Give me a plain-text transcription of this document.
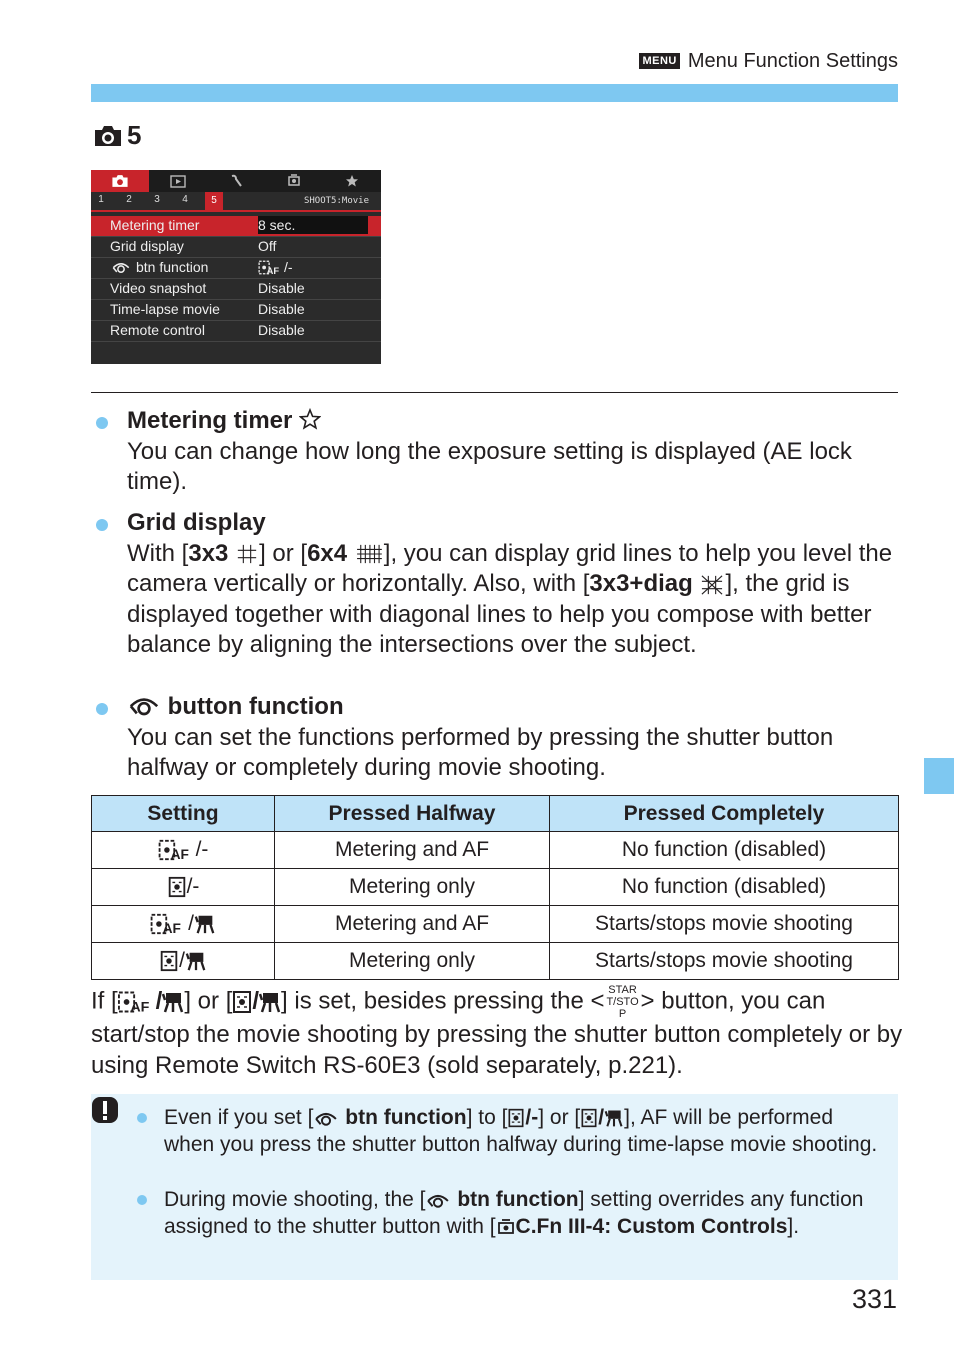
MENU Menu Function Settings
5
1	2	3	4	5	SHOOT5:Movie
Metering timer	8 sec.
Grid display	Off
btn function	/-
Video snapshot	Disable
Time-lapse movie	Disable
Remote control	Disable
Metering timer
You can change how long the exposure setting is displayed (AE lock time).
Grid display
With [3x3 ] or [6x4 ], you can display grid lines to help you level the camera vertically or horizontally. Also, with [3x3+diag ], the grid is displayed together with diagonal lines to help you compose with better balance by aligning the intersections over the subject.
button function
You can set the functions performed by pressing the shutter button halfway or completely during movie shooting.
Setting	Pressed Halfway	Pressed Completely
/-	Metering and AF	No function (disabled)
/-	Metering only	No function (disabled)
/	Metering and AF	Starts/stops movie shooting
/	Metering only	Starts/stops movie shooting
If [ / ] or [ / ] is set, besides pressing the < START/STOP > button, you can start/stop the movie shooting by pressing the shutter button completely or by using Remote Switch RS-60E3 (sold separately, p.221).
Even if you set [ btn function] to [ /-] or [ / ], AF will be performed when you press the shutter button halfway during time-lapse movie shooting.
During movie shooting, the [ btn function] setting overrides any function assigned to the shutter button with [ C.Fn III-4: Custom Controls].
331
